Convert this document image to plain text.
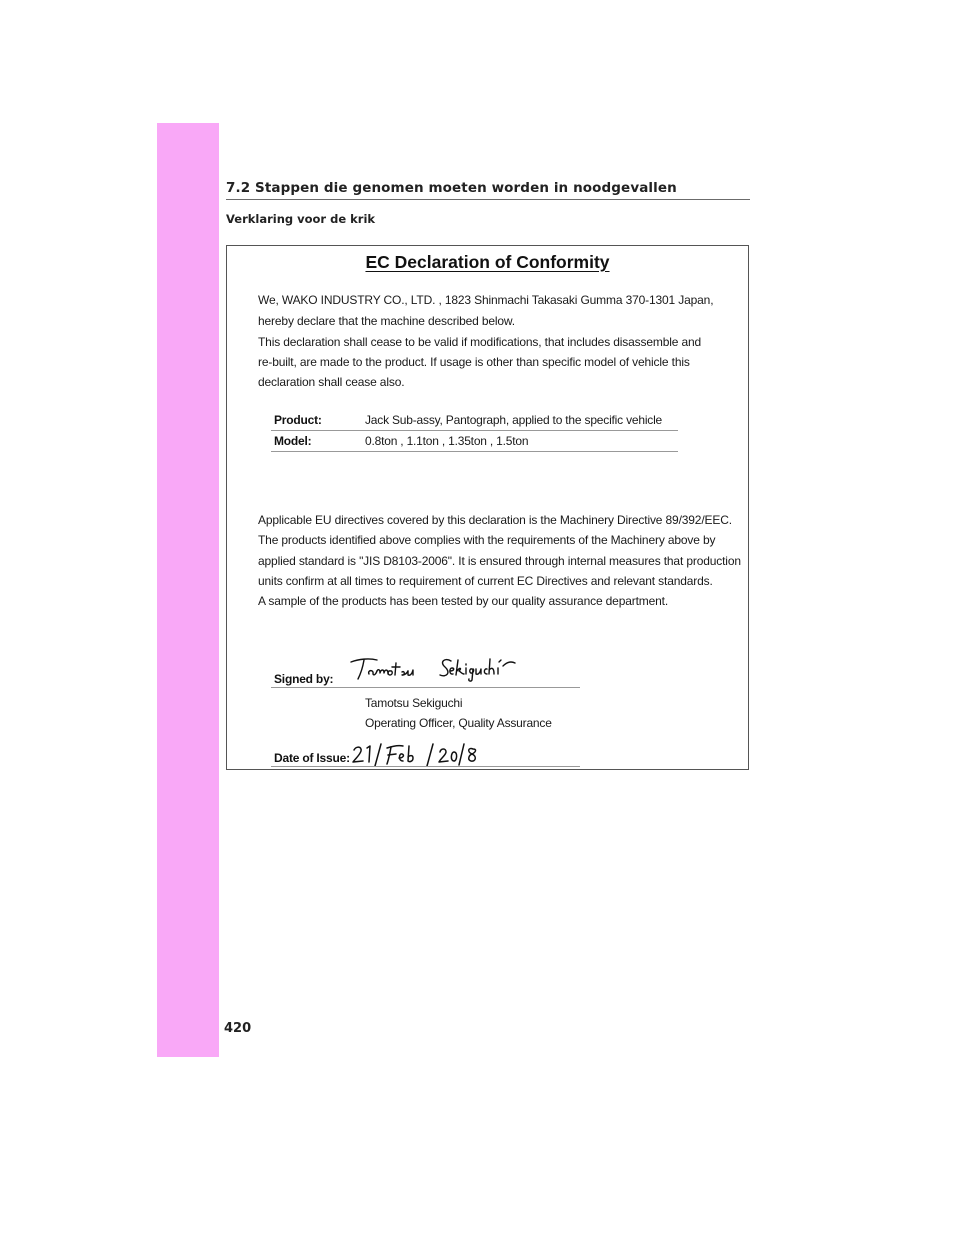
7.2 Stappen die genomen moeten worden in noodgevallen
Verklaring voor de krik
EC Declaration of Conformity
We, WAKO INDUSTRY CO., LTD. , 1823 Shinmachi Takasaki Gumma 370-1301 Japan,
hereby declare that the machine described below.
This declaration shall cease to be valid if modifications, that includes disassemble and
re-built, are made to the product. If usage is other than specific model of vehicle this
declaration shall cease also.
Product:	Jack Sub-assy, Pantograph, applied to the specific vehicle
Model:	0.8ton , 1.1ton , 1.35ton , 1.5ton
Applicable EU directives covered by this declaration is the Machinery Directive 89/392/EEC.
The products identified above complies with the requirements of the Machinery above by
applied standard is "JIS D8103-2006". It is ensured through internal measures that production
units confirm at all times to requirement of current EC Directives and relevant standards.
A sample of the products has been tested by our quality assurance department.
Signed by:
Tamotsu Sekiguchi
Operating Officer, Quality Assurance
Date of Issue:
420
